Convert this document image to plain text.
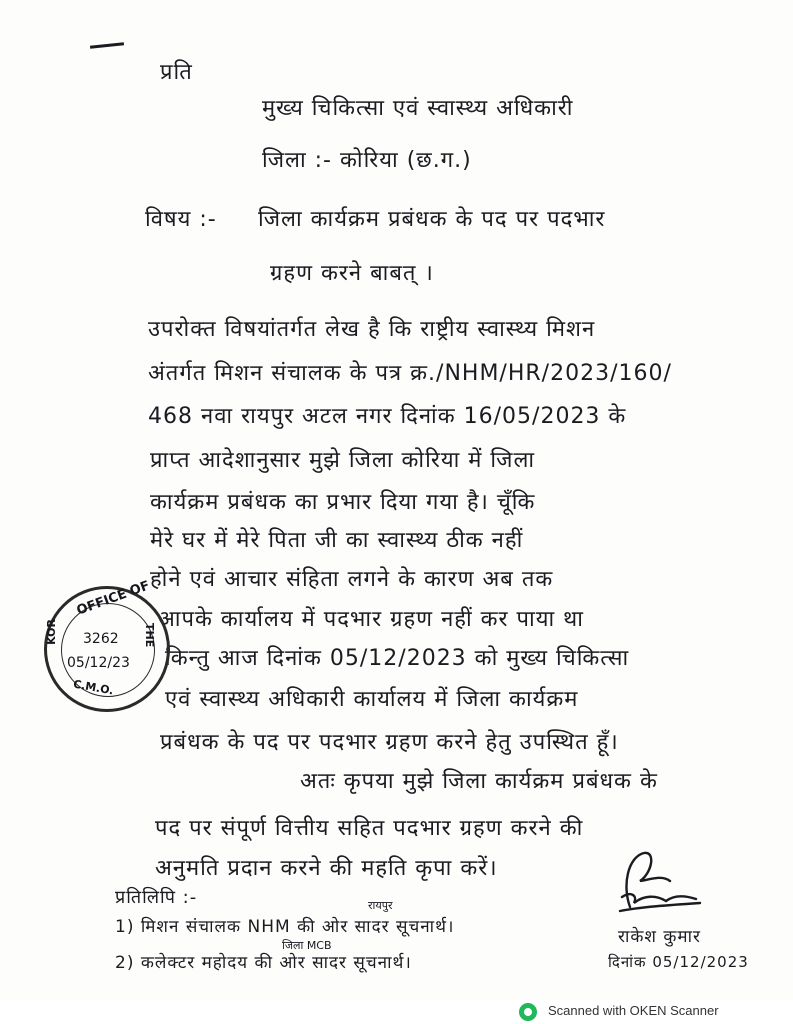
प्रति
मुख्य चिकित्सा एवं स्वास्थ्य अधिकारी
जिला :- कोरिया (छ.ग.)
विषय :- जिला कार्यक्रम प्रबंधक के पद पर पदभार
ग्रहण करने बाबत् ।
उपरोक्त विषयांतर्गत लेख है कि राष्ट्रीय स्वास्थ्य मिशन
अंतर्गत मिशन संचालक के पत्र क्र./NHM/HR/2023/160/
468 नवा रायपुर अटल नगर दिनांक 16/05/2023 के
प्राप्त आदेशानुसार मुझे जिला कोरिया में जिला
कार्यक्रम प्रबंधक का प्रभार दिया गया है। चूँकि
मेरे घर में मेरे पिता जी का स्वास्थ्य ठीक नहीं
होने एवं आचार संहिता लगने के कारण अब तक
आपके कार्यालय में पदभार ग्रहण नहीं कर पाया था
किन्तु आज दिनांक 05/12/2023 को मुख्य चिकित्सा
एवं स्वास्थ्य अधिकारी कार्यालय में जिला कार्यक्रम
प्रबंधक के पद पर पदभार ग्रहण करने हेतु उपस्थित हूँ।
अतः कृपया मुझे जिला कार्यक्रम प्रबंधक के
पद पर संपूर्ण वित्तीय सहित पदभार ग्रहण करने की
अनुमति प्रदान करने की महति कृपा करें।
प्रतिलिपि :-	रायपुर
1) मिशन संचालक NHM की ओर सादर सूचनार्थ।
जिला MCB
2) कलेक्टर महोदय की ओर सादर सूचनार्थ।
राकेश कुमार
दिनांक 05/12/2023
OFFICE OF
THE
C.M.O.
KOR 3262
05/12/23
Scanned with OKEN Scanner
